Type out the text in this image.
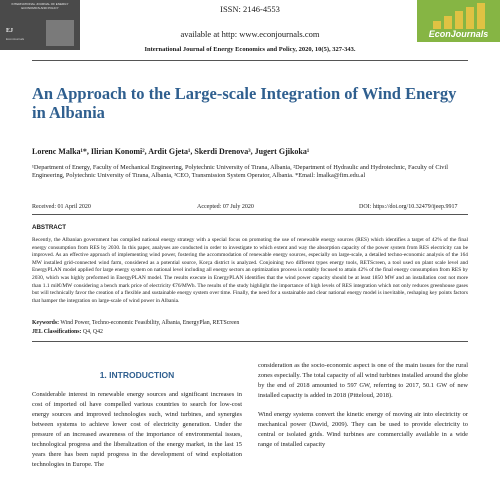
INTERNATIONAL JOURNAL OF ENERGY ECONOMICS AND POLICY
EJ
EconJournals
ISSN: 2146-4553
available at http: www.econjournals.com
International Journal of Energy Economics and Policy, 2020, 10(5), 327-343.
EconJournals
An Approach to the Large-scale Integration of Wind Energy in Albania
Lorenc Malka¹*, Ilirian Konomi², Ardit Gjeta¹, Skerdi Drenova³, Jugert Gjikoka¹
¹Department of Energy, Faculty of Mechanical Engineering, Polytechnic University of Tirana, Albania, ²Department of Hydraulic and Hydrotechnic, Faculty of Civil Engineering, Polytechnic University of Tirana, Albania, ³CEO, Transmission System Operator, Albania. *Email: lmalka@fim.edu.al
Received: 01 April 2020	Accepted: 07 July 2020	DOI: https://doi.org/10.32479/ijeep.9917
ABSTRACT
Recently, the Albanian government has compiled national energy strategy with a special focus on promoting the use of renewable energy sources (RES) which identifies a target of 42% of the final energy consumption from RES by 2030. In this paper, analyses are conducted in order to investigate to which extent and way the absorption capacity of the power system from RES electricity can be improved. As an effective approach of implementing wind power, fostering the accommodation of renewable energy sources, especially on large-scale, a detailed techno-economic analysis of the 164 MW installed grid-connected wind farm, considered as a potential source, Korça district is analyzed. Conjoining two different types energy tools, RETScreen, a tool used on plant scale level and EnergyPLAN model applied for large energy system on national level including all energy sectors an optimization process is notably focused to attain 42% of the final energy consumption from RES by 2030, which was highly preformed in EnergyPLAN model. The results execute in EnergyPLAN identifies that the wind power capacity should be at least 1850 MW and an installation cost not more than 1.1 mil€/MW considering a bench mark price of electricity €76/MWh. The results of the study highlight the importance of high levels of RES integration which not only reduces greenhouse gases but will technically favor the creation of a flexible and sustainable energy system over time. Finally, the need for a sustainable and clear national energy model is inevitable, reshaping key points factors that hamper the integration on large-scale of wind power in Albania.
Keywords: Wind Power, Techno-economic Feasibility, Albania, EnergyPlan, RETScreen
JEL Classifications: Q4, Q42
1. INTRODUCTION

Considerable interest in renewable energy sources and significant increases in cost of imported oil have compelled various countries to search for low-cost energy sources and improved technologies such, wind turbines, and synergies between systems to achieve lower cost of electricity generation. Under the pressure of an increased awareness of the importance of environmental issues, technological progress and the liberalization of the energy market, in the last 15 years there has been rapid progress in the development of wind exploitation technologies in Europe. The

consideration as the socio-economic aspect is one of the main issues for the rural zones especially. The total capacity of all wind turbines installed around the globe by the end of 2018 amounted to 597 GW, referring to 2017, 50.1 GW of new installed capacity is added in 2018 (Pitteloud, 2018).

Wind energy systems convert the kinetic energy of moving air into electricity or mechanical power (David, 2009). They can be used to provide electricity to central or isolated grids. Wind turbines are commercially available in a wide range of installed capacity
